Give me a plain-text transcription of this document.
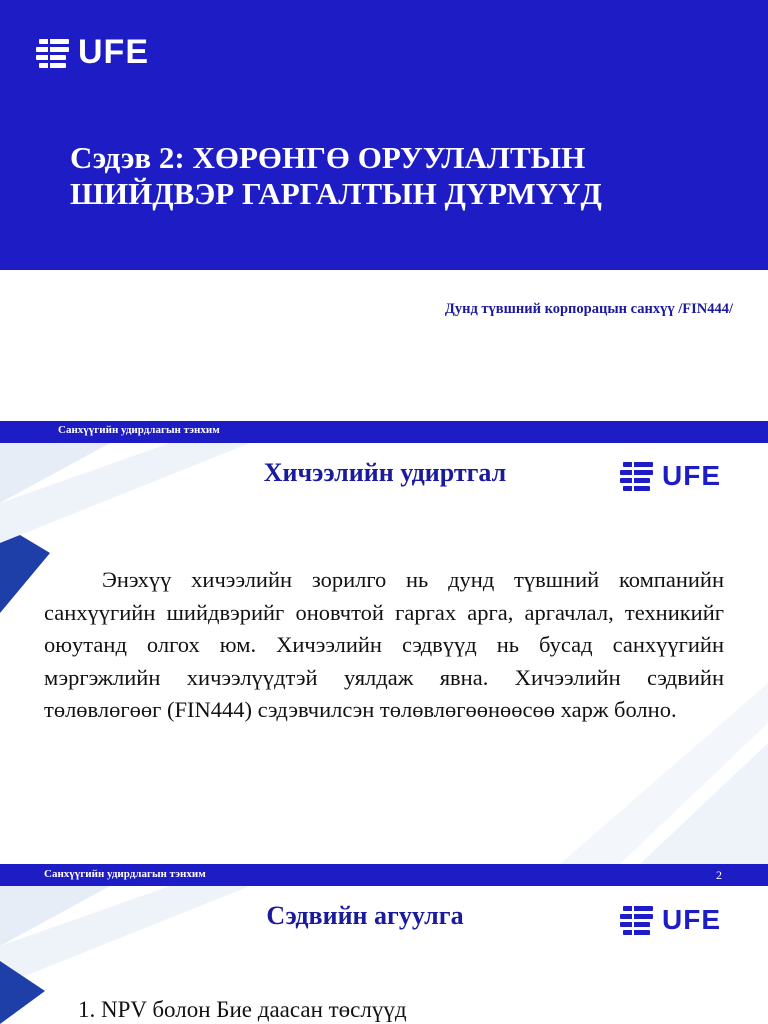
UFE
Сэдэв 2: ХӨРӨНГӨ ОРУУЛАЛТЫН
ШИЙДВЭР ГАРГАЛТЫН ДҮРМҮҮД
Дунд түвшний корпорацын санхүү /FIN444/
Санхүүгийн удирдлагын тэнхим
Хичээлийн удиртгал	UFE

Энэхүү хичээлийн зорилго нь дунд түвшний компанийн санхүүгийн шийдвэрийг оновчтой гаргах арга, аргачлал, техникийг оюутанд олгох юм. Хичээлийн сэдвүүд нь бусад санхүүгийн мэргэжлийн хичээлүүдтэй уялдаж явна. Хичээлийн сэдвийн төлөвлөгөөг (FIN444) сэдэвчилсэн төлөвлөгөөнөөсөө харж болно.

Санхүүгийн удирдлагын тэнхим	2
Сэдвийн агуулга	UFE
1. NPV болон Бие даасан төслүүд
